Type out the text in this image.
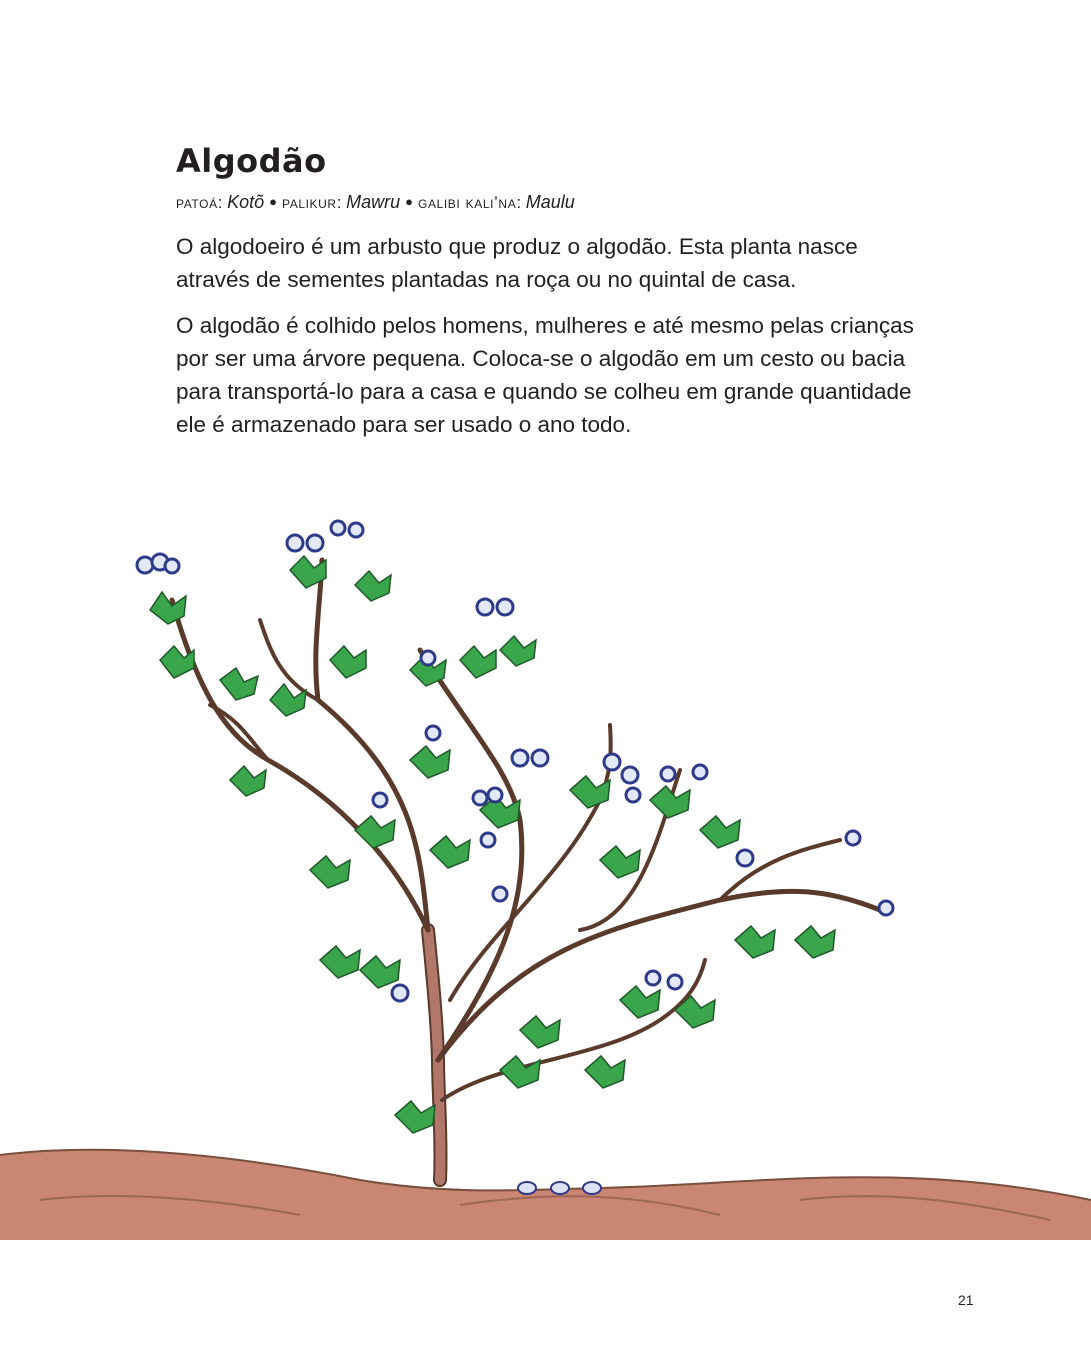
Algodão
patoá: Kotõ ● palikur: Mawru ● galibi kali’na: Maulu

O algodoeiro é um arbusto que produz o algodão. Esta planta nasce através de sementes plantadas na roça ou no quintal de casa.

O algodão é colhido pelos homens, mulheres e até mesmo pelas crianças por ser uma árvore pequena. Coloca-se o algodão em um cesto ou bacia para transportá-lo para a casa e quando se colheu em grande quantidade ele é armazenado para ser usado o ano todo.

21
